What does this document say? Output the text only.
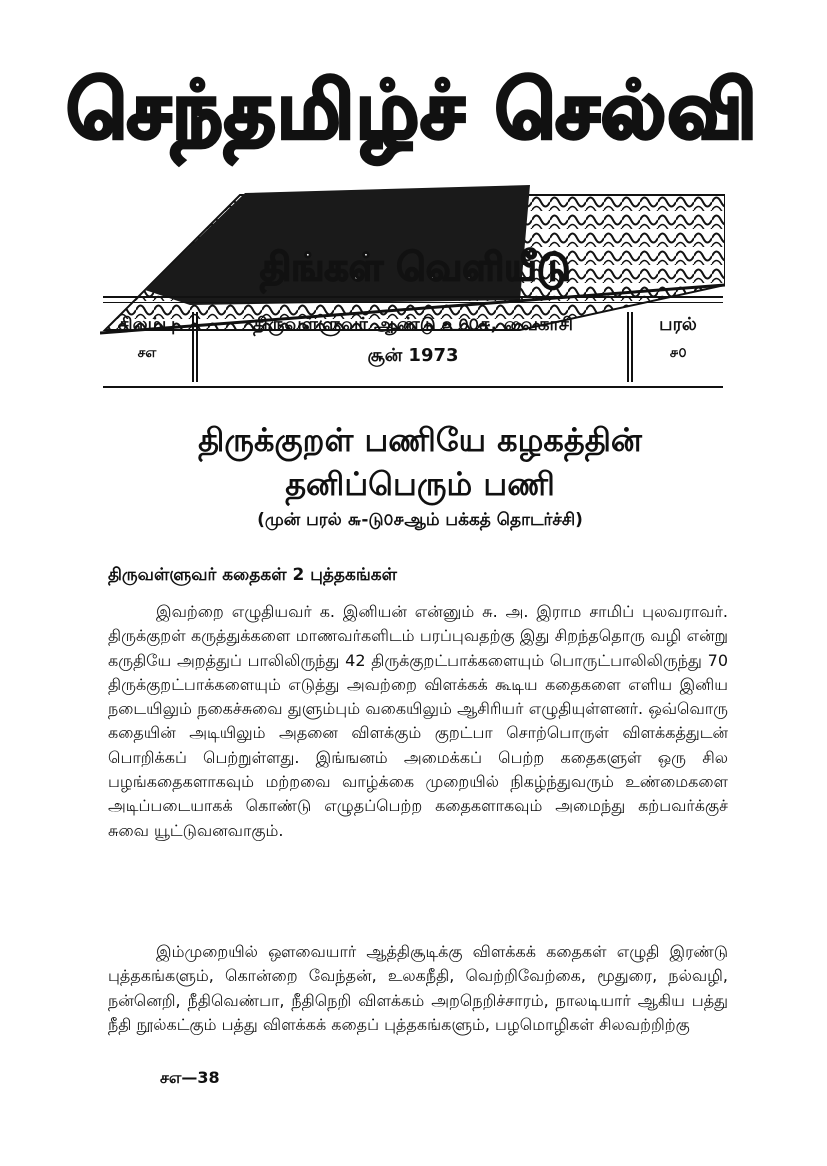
செந்தமிழ்ச் செல்வி
திங்கள் வெளியீடு
சிலம்பு
சஎ
திருவள்ளுவர் ஆண்டு உ௦௦௪, வைகாசி
சூன் 1973
பரல்
௪௦
திருக்குறள் பணியே கழகத்தின்
தனிப்பெரும் பணி
(முன் பரல் ௬-டு௦௪ஆம் பக்கத் தொடர்ச்சி)
திருவள்ளுவர் கதைகள் 2 புத்தகங்கள்

இவற்றை எழுதியவர் க. இனியன் என்னும் சு. அ. இராம சாமிப் புலவராவர். திருக்குறள் கருத்துக்களை மாணவர்களிடம் பரப்புவதற்கு இது சிறந்ததொரு வழி என்று கருதியே அறத்துப் பாலிலிருந்து 42 திருக்குறட்பாக்களையும் பொருட்பாலிலிருந்து 70 திருக்குறட்பாக்களையும் எடுத்து அவற்றை விளக்கக் கூடிய கதைகளை எளிய இனிய நடையிலும் நகைச்சுவை துளும்பும் வகையிலும் ஆசிரியர் எழுதியுள்ளனர். ஒவ்வொரு கதையின் அடியிலும் அதனை விளக்கும் குறட்பா சொற்பொருள் விளக்கத்துடன் பொறிக்கப் பெற்றுள்ளது. இங்ஙனம் அமைக்கப் பெற்ற கதைகளுள் ஒரு சில பழங்கதைகளாகவும் மற்றவை வாழ்க்கை முறையில் நிகழ்ந்துவரும் உண்மைகளை அடிப்படையாகக் கொண்டு எழுதப்பெற்ற கதைகளாகவும் அமைந்து கற்பவர்க்குச் சுவை யூட்டுவனவாகும்.

இம்முறையில் ஔவையார் ஆத்திசூடிக்கு விளக்கக் கதைகள் எழுதி இரண்டு புத்தகங்களும், கொன்றை வேந்தன், உலகநீதி, வெற்றிவேற்கை, மூதுரை, நல்வழி, நன்னெறி, நீதிவெண்பா, நீதிநெறி விளக்கம் அறநெறிச்சாரம், நாலடியார் ஆகிய பத்து நீதி நூல்கட்கும் பத்து விளக்கக் கதைப் புத்தகங்களும், பழமொழிகள் சிலவற்றிற்கு

சஎ—38
